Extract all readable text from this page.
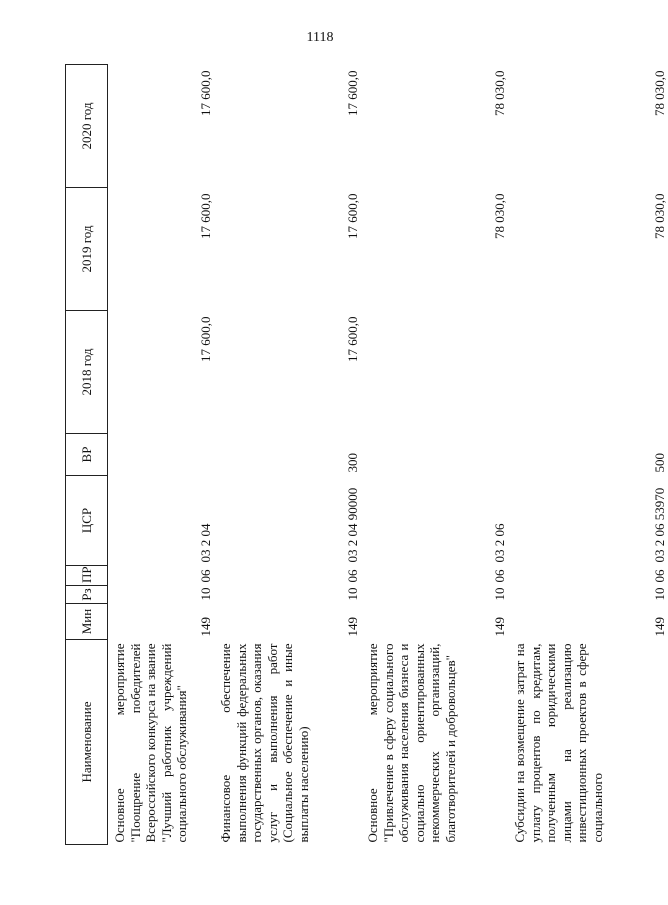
1118
Наименование	Мин	Рз	ПР	ЦСР	ВР	2018 год	2019 год	2020 год
Основное мероприятие "Поощрение победителей Всероссийского конкурса на звание "Лучший работник учреждений социального обслуживания"	149	10	06	03 2 04		17 600,0	17 600,0	17 600,0
Финансовое обеспечение выполнения функций федеральных государственных органов, оказания услуг и выполнения работ (Социальное обеспечение и иные выплаты населению)	149	10	06	03 2 04 90000	300	17 600,0	17 600,0	17 600,0
Основное мероприятие "Привлечение в сферу социального обслуживания населения бизнеса и социально ориентированных некоммерческих организаций, благотворителей и добровольцев"	149	10	06	03 2 06			78 030,0	78 030,0
Субсидии на возмещение затрат на уплату процентов по кредитам, полученным юридическими лицами на реализацию инвестиционных проектов в сфере социального	149	10	06	03 2 06 53970	500		78 030,0	78 030,0
